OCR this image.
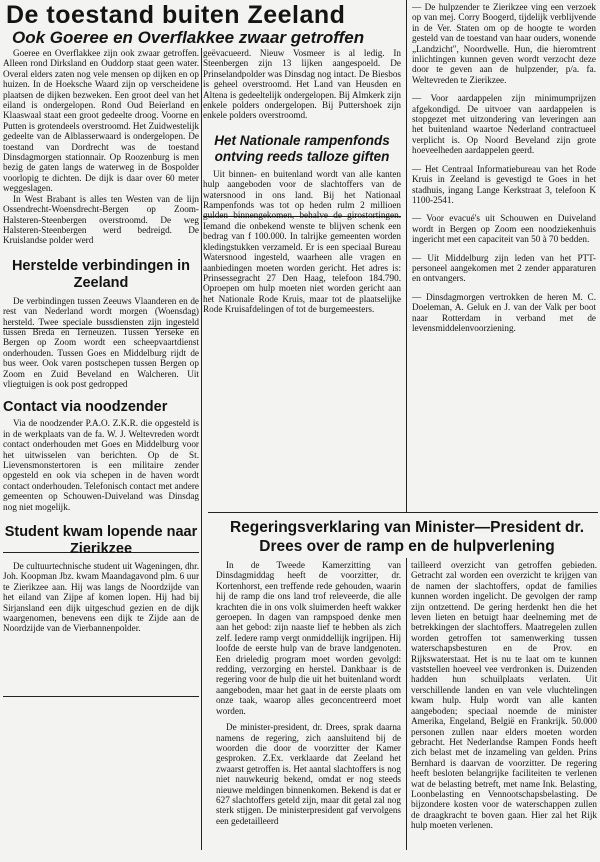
De toestand buiten Zeeland
Ook Goeree en Overflakkee zwaar getroffen

Goeree en Overflakkee zijn ook zwaar getroffen. Alleen rond Dirksland en Ouddorp staat geen water. Overal elders zaten nog vele mensen op dijken en op huizen. In de Hoeksche Waard zijn op verscheidene plaatsen de dijken bezweken. Een groot deel van het eiland is ondergelopen. Rond Oud Beierland en Klaaswaal staat een groot gedeelte droog. Voorne en Putten is grotendeels overstroomd. Het Zuidwestelijk gedeelte van de Alblasserwaard is ondergelopen. De toestand van Dordrecht was de toestand Dinsdagmorgen stationnair. Op Roozenburg is men bezig de gaten langs de waterweg in de Bospolder voorlopig te dichten. De dijk is daar over 60 meter weggeslagen.

In West Brabant is alles ten Westen van de lijn Ossendrecht-Woensdrecht-Bergen op Zoom-Halsteren-Steenbergen overstroomd. De weg Halsteren-Steenbergen werd bedreigd. De Kruislandse polder werd

Herstelde verbindingen in Zeeland

De verbindingen tussen Zeeuws Vlaanderen en de rest van Nederland wordt morgen (Woensdag) hersteld. Twee speciale bussdiensten zijn ingesteld tussen Breda en Terneuzen. Tussen Yerseke en Bergen op Zoom wordt een scheepvaartdienst onderhouden. Tussen Goes en Middelburg rijdt de bus weer. Ook varen postschepen tussen Bergen op Zoom en Zuid Beveland en Walcheren. Uit vliegtuigen is ook post gedropped

Contact via noodzender

Via de noodzender P.A.O. Z.K.R. die opgesteld is in de werkplaats van de fa. W. J. Weltevreden wordt contact onderhouden met Goes en Middelburg voor het uitwisselen van berichten. Op de St. Lievensmonstertoren is een militaire zender opgesteld en ook via schepen in de haven wordt contact onderhouden. Telefonisch contact met andere gemeenten op Schouwen-Duiveland was Dinsdag nog niet mogelijk.

Student kwam lopende naar Zierikzee

De cultuurtechnische student uit Wageningen, dhr. Joh. Koopman Jbz. kwam Maandagavond plm. 6 uur te Zierikzee aan. Hij was langs de Noordzijde van het eiland van Zijpe af komen lopen. Hij had bij Sirjansland een dijk uitgeschud gezien en de dijk waargenomen, benevens een dijk te Zijde aan de Noordzijde van de Vierbannenpolder.

geëvacueerd. Nieuw Vosmeer is al ledig. In Steenbergen zijn 13 lijken aangespoeld. De Prinselandpolder was Dinsdag nog intact. De Biesbos is geheel overstroomd. Het Land van Heusden en Altena is gedeeltelijk ondergelopen. Bij Almkerk zijn enkele polders ondergelopen. Bij Puttershoek zijn enkele polders overstroomd.

Het Nationale rampenfonds ontving reeds talloze giften

Uit binnen- en buitenland wordt van alle kanten hulp aangeboden voor de slachtoffers van de watersnood in ons land. Bij het Nationaal Rampenfonds was tot op heden rulm 2 millioen gulden binnengekomen, behalve de girostortingen. Iemand die onbekend wenste te blijven schenk een bedrag van f 100.000. In talrijke gemeenten worden kledingstukken verzameld. Er is een speciaal Bureau Watersnood ingesteld, waarheen alle vragen en aanbiedingen moeten worden gericht. Het adres is: Prinsessegracht 27 Den Haag, telefoon 184.790. Oproepen om hulp moeten niet worden gericht aan het Nationale Rode Kruis, maar tot de plaatselijke Rode Kruisafdelingen of tot de burgemeesters.

— De hulpzender te Zierikzee ving een verzoek op van mej. Corry Boogerd, tijdelijk verblijvende in de Ver. Staten om op de hoogte te worden gesteld van de toestand van haar ouders, wonende „Landzicht", Noordwelle. Hun, die hieromtrent inlichtingen kunnen geven wordt verzocht deze door te geven aan de hulpzender, p/a. fa. Weltevreden te Zierikzee.

— Voor aardappelen zijn minimumprijzen afgekondigd. De uitvoer van aardappelen is stopgezet met uitzondering van leveringen aan het buitenland waartoe Nederland contractueel verplicht is. Op Noord Beveland zijn grote hoeveelheden aardappelen geerd.

— Het Centraal Informatiebureau van het Rode Kruis in Zeeland is gevestigd te Goes in het stadhuis, ingang Lange Kerkstraat 3, telefoon K 1100-2541.

— Voor evacué's uit Schouwen en Duiveland wordt in Bergen op Zoom een noodziekenhuis ingericht met een capaciteit van 50 à 70 bedden.

— Uit Middelburg zijn leden van het PTT-personeel aangekomen met 2 zender apparaturen en ontvangers.

— Dinsdagmorgen vertrokken de heren M. C. Doeleman, A. Geluk en J. van der Valk per boot naar Rotterdam in verband met de levensmiddelenvoorziening.

Regeringsverklaring van Minister—President dr. Drees over de ramp en de hulpverlening

In de Tweede Kamerzitting van Dinsdagmiddag heeft de voorzitter, dr. Kortenhorst, een treffende rede gehouden, waarin hij de ramp die ons land trof releveerde, die alle krachten die in ons volk sluimerden heeft wakker geroepen. In dagen van rampspoed denke men aan het gebod: zijn naaste lief te hebben als zich zelf. Iedere ramp vergt onmiddellijk ingrijpen. Hij loofde de eerste hulp van de brave landgenoten. Een drieledig program moet worden gevolgd: redding, verzorging en herstel. Dankbaar is de regering voor de hulp die uit het buitenland wordt aangeboden, maar het gaat in de eerste plaats om onze taak, waarop alles geconcentreerd moet worden.

De minister-president, dr. Drees, sprak daarna namens de regering, zich aansluitend bij de woorden die door de voorzitter der Kamer gesproken. Z.Ex. verklaarde dat Zeeland het zwaarst getroffen is. Het aantal slachtoffers is nog niet nauwkeurig bekend, omdat er nog steeds nieuwe meldingen binnenkomen. Bekend is dat er 627 slachtoffers geteld zijn, maar dit getal zal nog sterk stijgen. De ministerpresident gaf vervolgens een gedetailleerd

tailleerd overzicht van getroffen gebieden. Getracht zal worden een overzicht te krijgen van de namen der slachtoffers, opdat de families kunnen worden ingelicht. De gevolgen der ramp zijn ontzettend. De gering herdenkt hen die het leven lieten en betuigt haar deelneming met de betrekkingen der slachtoffers. Maatregelen zullen worden getroffen tot samenwerking tussen waterschapsbesturen en de Prov. en Rijkswaterstaat. Het is nu te laat om te kunnen vaststellen hoeveel vee verdronken is. Duizenden hadden hun schuilplaats verlaten. Uit verschillende landen en van vele vluchtelingen kwam hulp. Hulp wordt van alle kanten aangeboden; speciaal noemde de minister Amerika, Engeland, België en Frankrijk. 50.000 personen zullen naar elders moeten worden gebracht. Het Nederlandse Rampen Fonds heeft zich belast met de inzameling van gelden. Prins Bernhard is daarvan de voorzitter. De regering heeft besloten belangrijke faciliteiten te verlenen wat de belasting betreft, met name Ink. Belasting, Loonbelasting en Vennootschapsbelasting. De bijzondere kosten voor de waterschappen zullen de draagkracht te boven gaan. Hier zal het Rijk hulp moeten verlenen.
